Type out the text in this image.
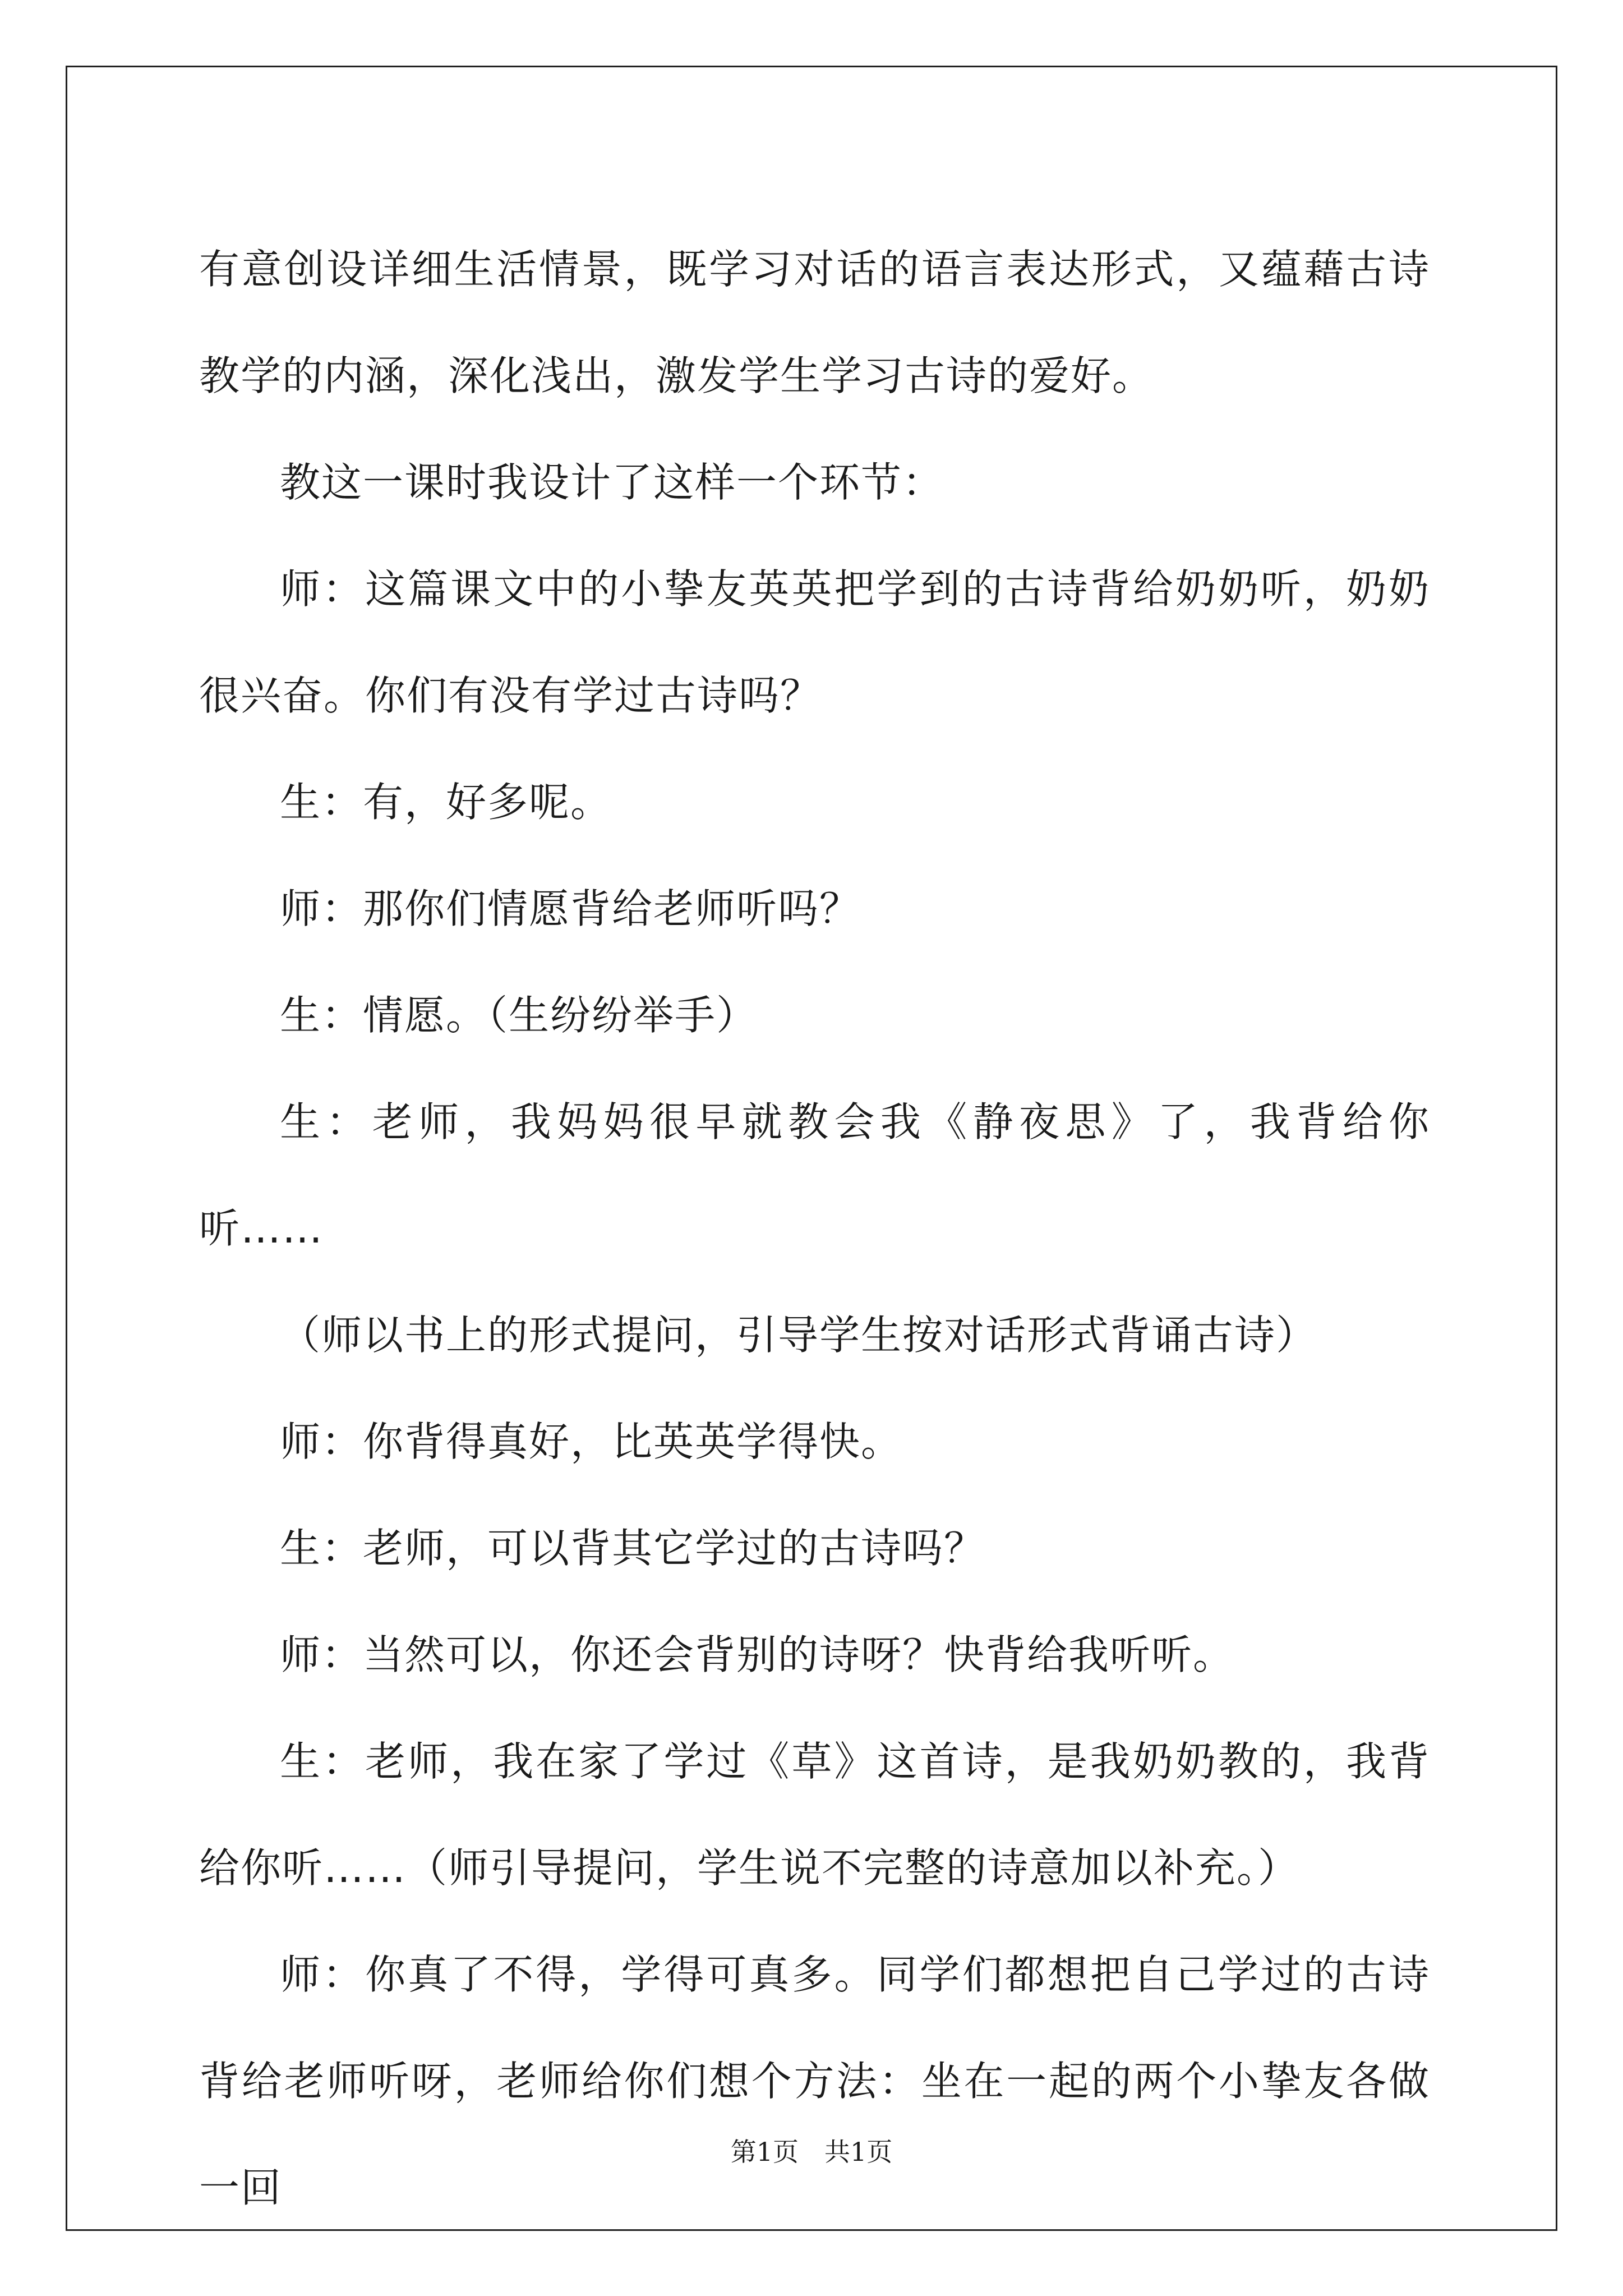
有意创设详细生活情景，既学习对话的语言表达形式，又蕴藉古诗教学的内涵，深化浅出，激发学生学习古诗的爱好。

教这一课时我设计了这样一个环节：

师：这篇课文中的小挚友英英把学到的古诗背给奶奶听，奶奶很兴奋。你们有没有学过古诗吗？

生：有，好多呢。

师：那你们情愿背给老师听吗？

生：情愿。（生纷纷举手）

生：老师，我妈妈很早就教会我《静夜思》了，我背给你听……

（师以书上的形式提问，引导学生按对话形式背诵古诗）

师：你背得真好，比英英学得快。

生：老师，可以背其它学过的古诗吗？

师：当然可以，你还会背别的诗呀？快背给我听听。

生：老师，我在家了学过《草》这首诗，是我奶奶教的，我背给你听……（师引导提问，学生说不完整的诗意加以补充。）

师：你真了不得，学得可真多。同学们都想把自己学过的古诗背给老师听呀，老师给你们想个方法：坐在一起的两个小挚友各做一回

第1页　共1页
